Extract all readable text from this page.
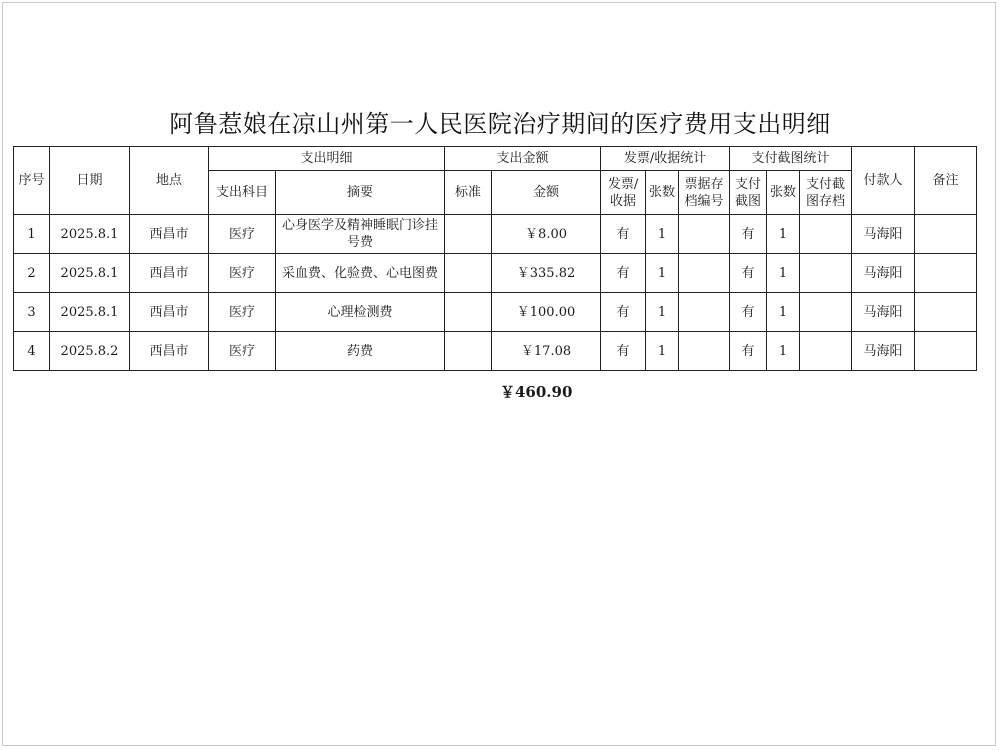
阿鲁惹娘在凉山州第一人民医院治疗期间的医疗费用支出明细
序号	日期	地点	支出明细		支出金额		发票/收据统计			支付截图统计			付款人	备注
			支出科目	摘要	标准	金额	发票/收据	张数	票据存档编号	支付截图	张数	支付截图存档		
1	2025.8.1	西昌市	医疗	心身医学及精神睡眠门诊挂号费		￥8.00	有	1		有	1		马海阳	
2	2025.8.1	西昌市	医疗	采血费、化验费、心电图费		￥335.82	有	1		有	1		马海阳	
3	2025.8.1	西昌市	医疗	心理检测费		￥100.00	有	1		有	1		马海阳	
4	2025.8.2	西昌市	医疗	药费		￥17.08	有	1		有	1		马海阳	
￥460.90
